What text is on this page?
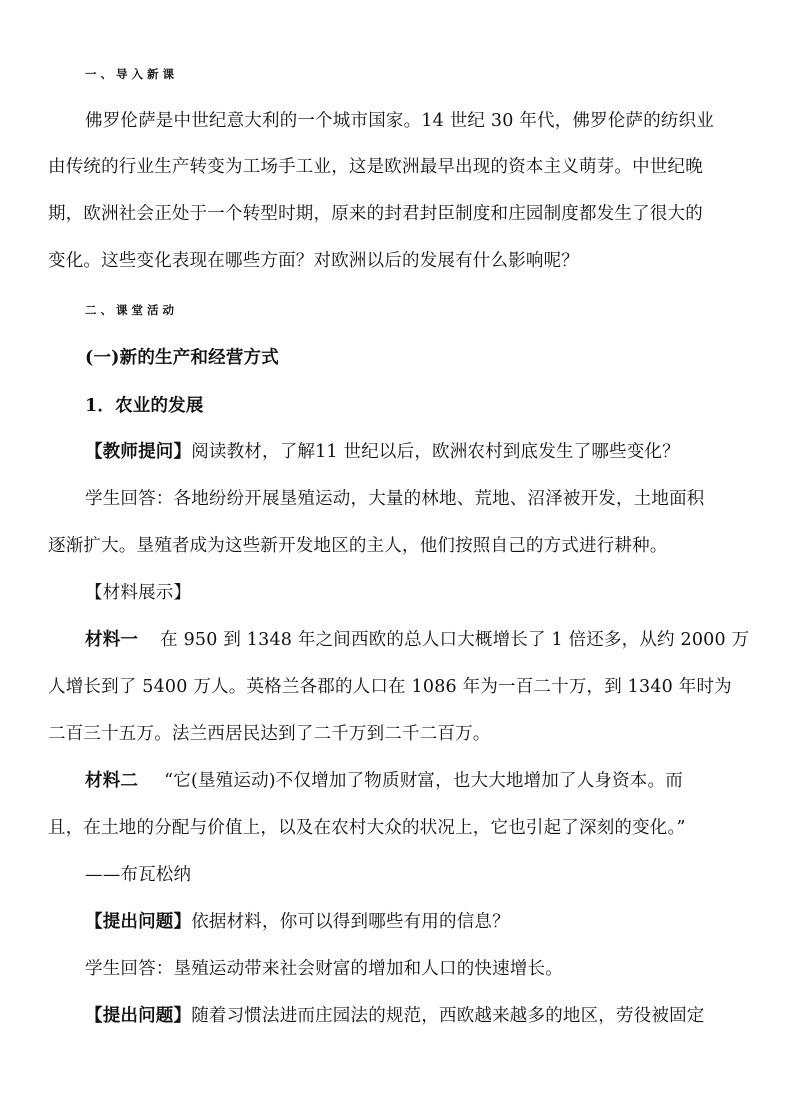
一、导入新课
佛罗伦萨是中世纪意大利的一个城市国家。14 世纪 30 年代，佛罗伦萨的纺织业
由传统的行业生产转变为工场手工业，这是欧洲最早出现的资本主义萌芽。中世纪晚
期，欧洲社会正处于一个转型时期，原来的封君封臣制度和庄园制度都发生了很大的
变化。这些变化表现在哪些方面？对欧洲以后的发展有什么影响呢？
二、课堂活动
(一)新的生产和经营方式
1．农业的发展
【教师提问】阅读教材，了解11 世纪以后，欧洲农村到底发生了哪些变化？
学生回答：各地纷纷开展垦殖运动，大量的林地、荒地、沼泽被开发，土地面积
逐渐扩大。垦殖者成为这些新开发地区的主人，他们按照自己的方式进行耕种。
【材料展示】
材料一 在 950 到 1348 年之间西欧的总人口大概增长了 1 倍还多，从约 2000 万
人增长到了 5400 万人。英格兰各郡的人口在 1086 年为一百二十万，到 1340 年时为
二百三十五万。法兰西居民达到了二千万到二千二百万。
材料二 “它(垦殖运动)不仅增加了物质财富，也大大地增加了人身资本。而
且，在土地的分配与价值上，以及在农村大众的状况上，它也引起了深刻的变化。”
——布瓦松纳
【提出问题】依据材料，你可以得到哪些有用的信息？
学生回答：垦殖运动带来社会财富的增加和人口的快速增长。
【提出问题】随着习惯法进而庄园法的规范，西欧越来越多的地区，劳役被固定
